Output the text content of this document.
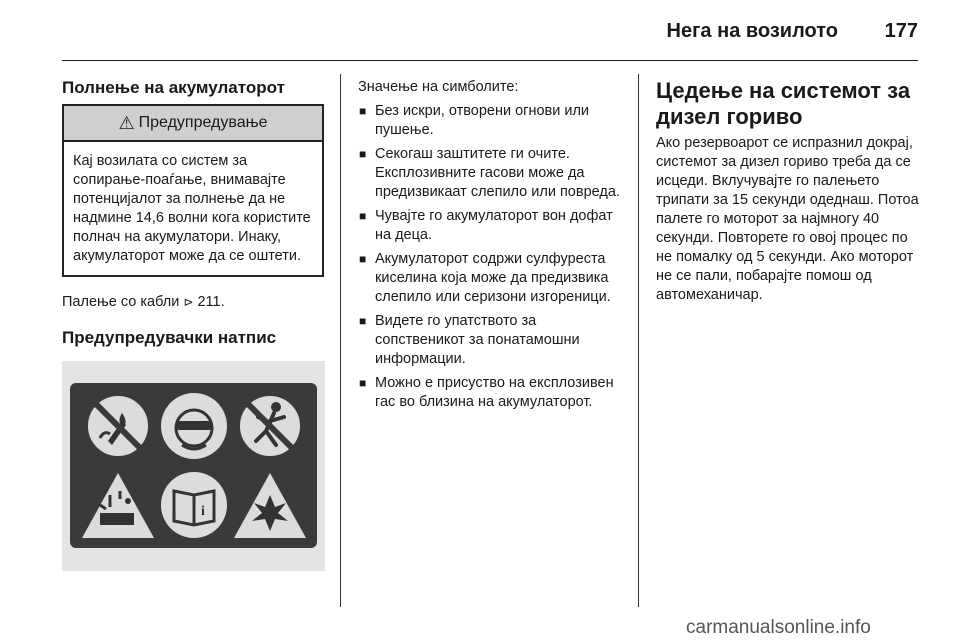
Нега на возилото 177
Полнење на акумулаторот
⚠ Предупредување
Кај возилата со систем за сопирање-поаѓање, внимавајте потенцијалот за полнење да не надмине 14,6 волни кога користите полнач на акумулатори. Инаку, акумулаторот може да се оштети.

Палење со кабли ⊳ 211.

Предупредувачки натпис
i

Значење на симболите:

■ Без искри, отворени огнови или пушење.
■ Секогаш заштитете ги очите. Експлозивните гасови може да предизвикаат слепило или повреда.
■ Чувајте го акумулаторот вон дофат на деца.
■ Акумулаторот содржи сулфуреста киселина која може да предизвика слепило или серизони изгореници.
■ Видете го упатството за сопственикот за понатамошни информации.
■ Можно е присуство на експлозивен гас во близина на акумулаторот.
Цедење на системот за дизел гориво

Ако резервоарот се испразнил докрај, системот за дизел гориво треба да се исцеди. Вклучувајте го палењето трипати за 15 секунди одеднаш. Потоа палете го моторот за најмногу 40 секунди. Повторете го овој процес по не помалку од 5 секунди. Ако моторот не се пали, побарајте помош од автомеханичар.

carmanualsonline.info
